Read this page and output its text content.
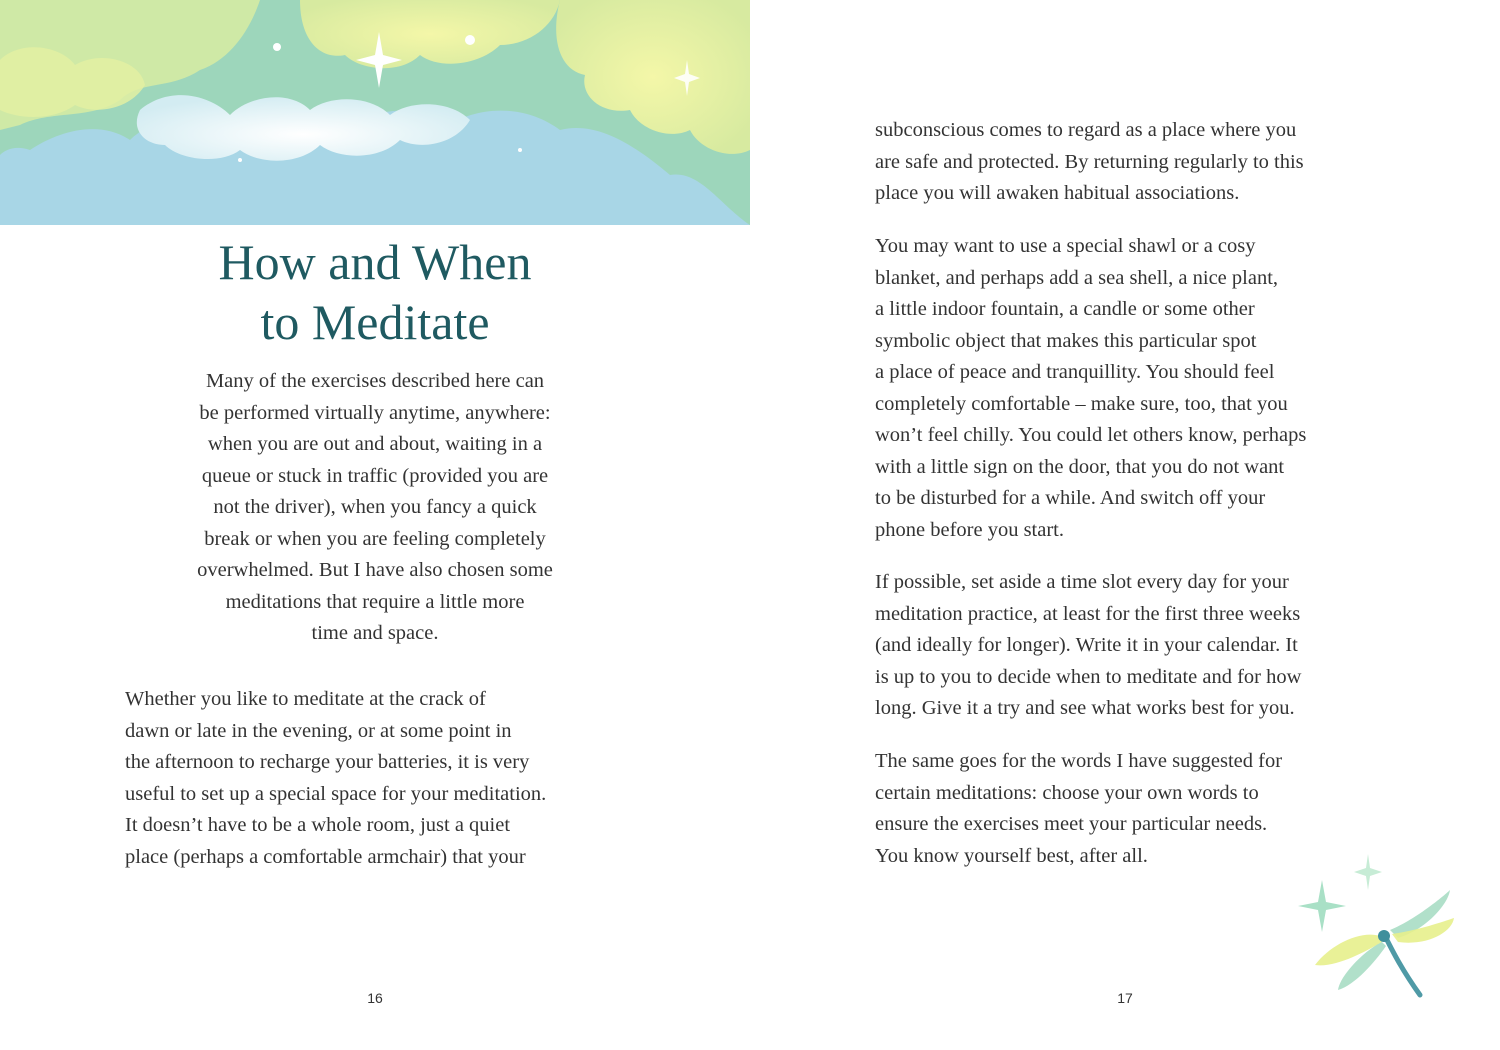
How and When
to Meditate
Many of the exercises described here can
be performed virtually anytime, anywhere:
when you are out and about, waiting in a
queue or stuck in traffic (provided you are
not the driver), when you fancy a quick
break or when you are feeling completely
overwhelmed. But I have also chosen some
meditations that require a little more
time and space.
Whether you like to meditate at the crack of
dawn or late in the evening, or at some point in
the afternoon to recharge your batteries, it is very
useful to set up a special space for your meditation.
It doesn’t have to be a whole room, just a quiet
place (perhaps a comfortable armchair) that your
16
subconscious comes to regard as a place where you
are safe and protected. By returning regularly to this
place you will awaken habitual associations.
You may want to use a special shawl or a cosy
blanket, and perhaps add a sea shell, a nice plant,
a little indoor fountain, a candle or some other
symbolic object that makes this particular spot
a place of peace and tranquillity. You should feel
completely comfortable – make sure, too, that you
won’t feel chilly. You could let others know, perhaps
with a little sign on the door, that you do not want
to be disturbed for a while. And switch off your
phone before you start.
If possible, set aside a time slot every day for your
meditation practice, at least for the first three weeks
(and ideally for longer). Write it in your calendar. It
is up to you to decide when to meditate and for how
long. Give it a try and see what works best for you.
The same goes for the words I have suggested for
certain meditations: choose your own words to
ensure the exercises meet your particular needs.
You know yourself best, after all.
17
